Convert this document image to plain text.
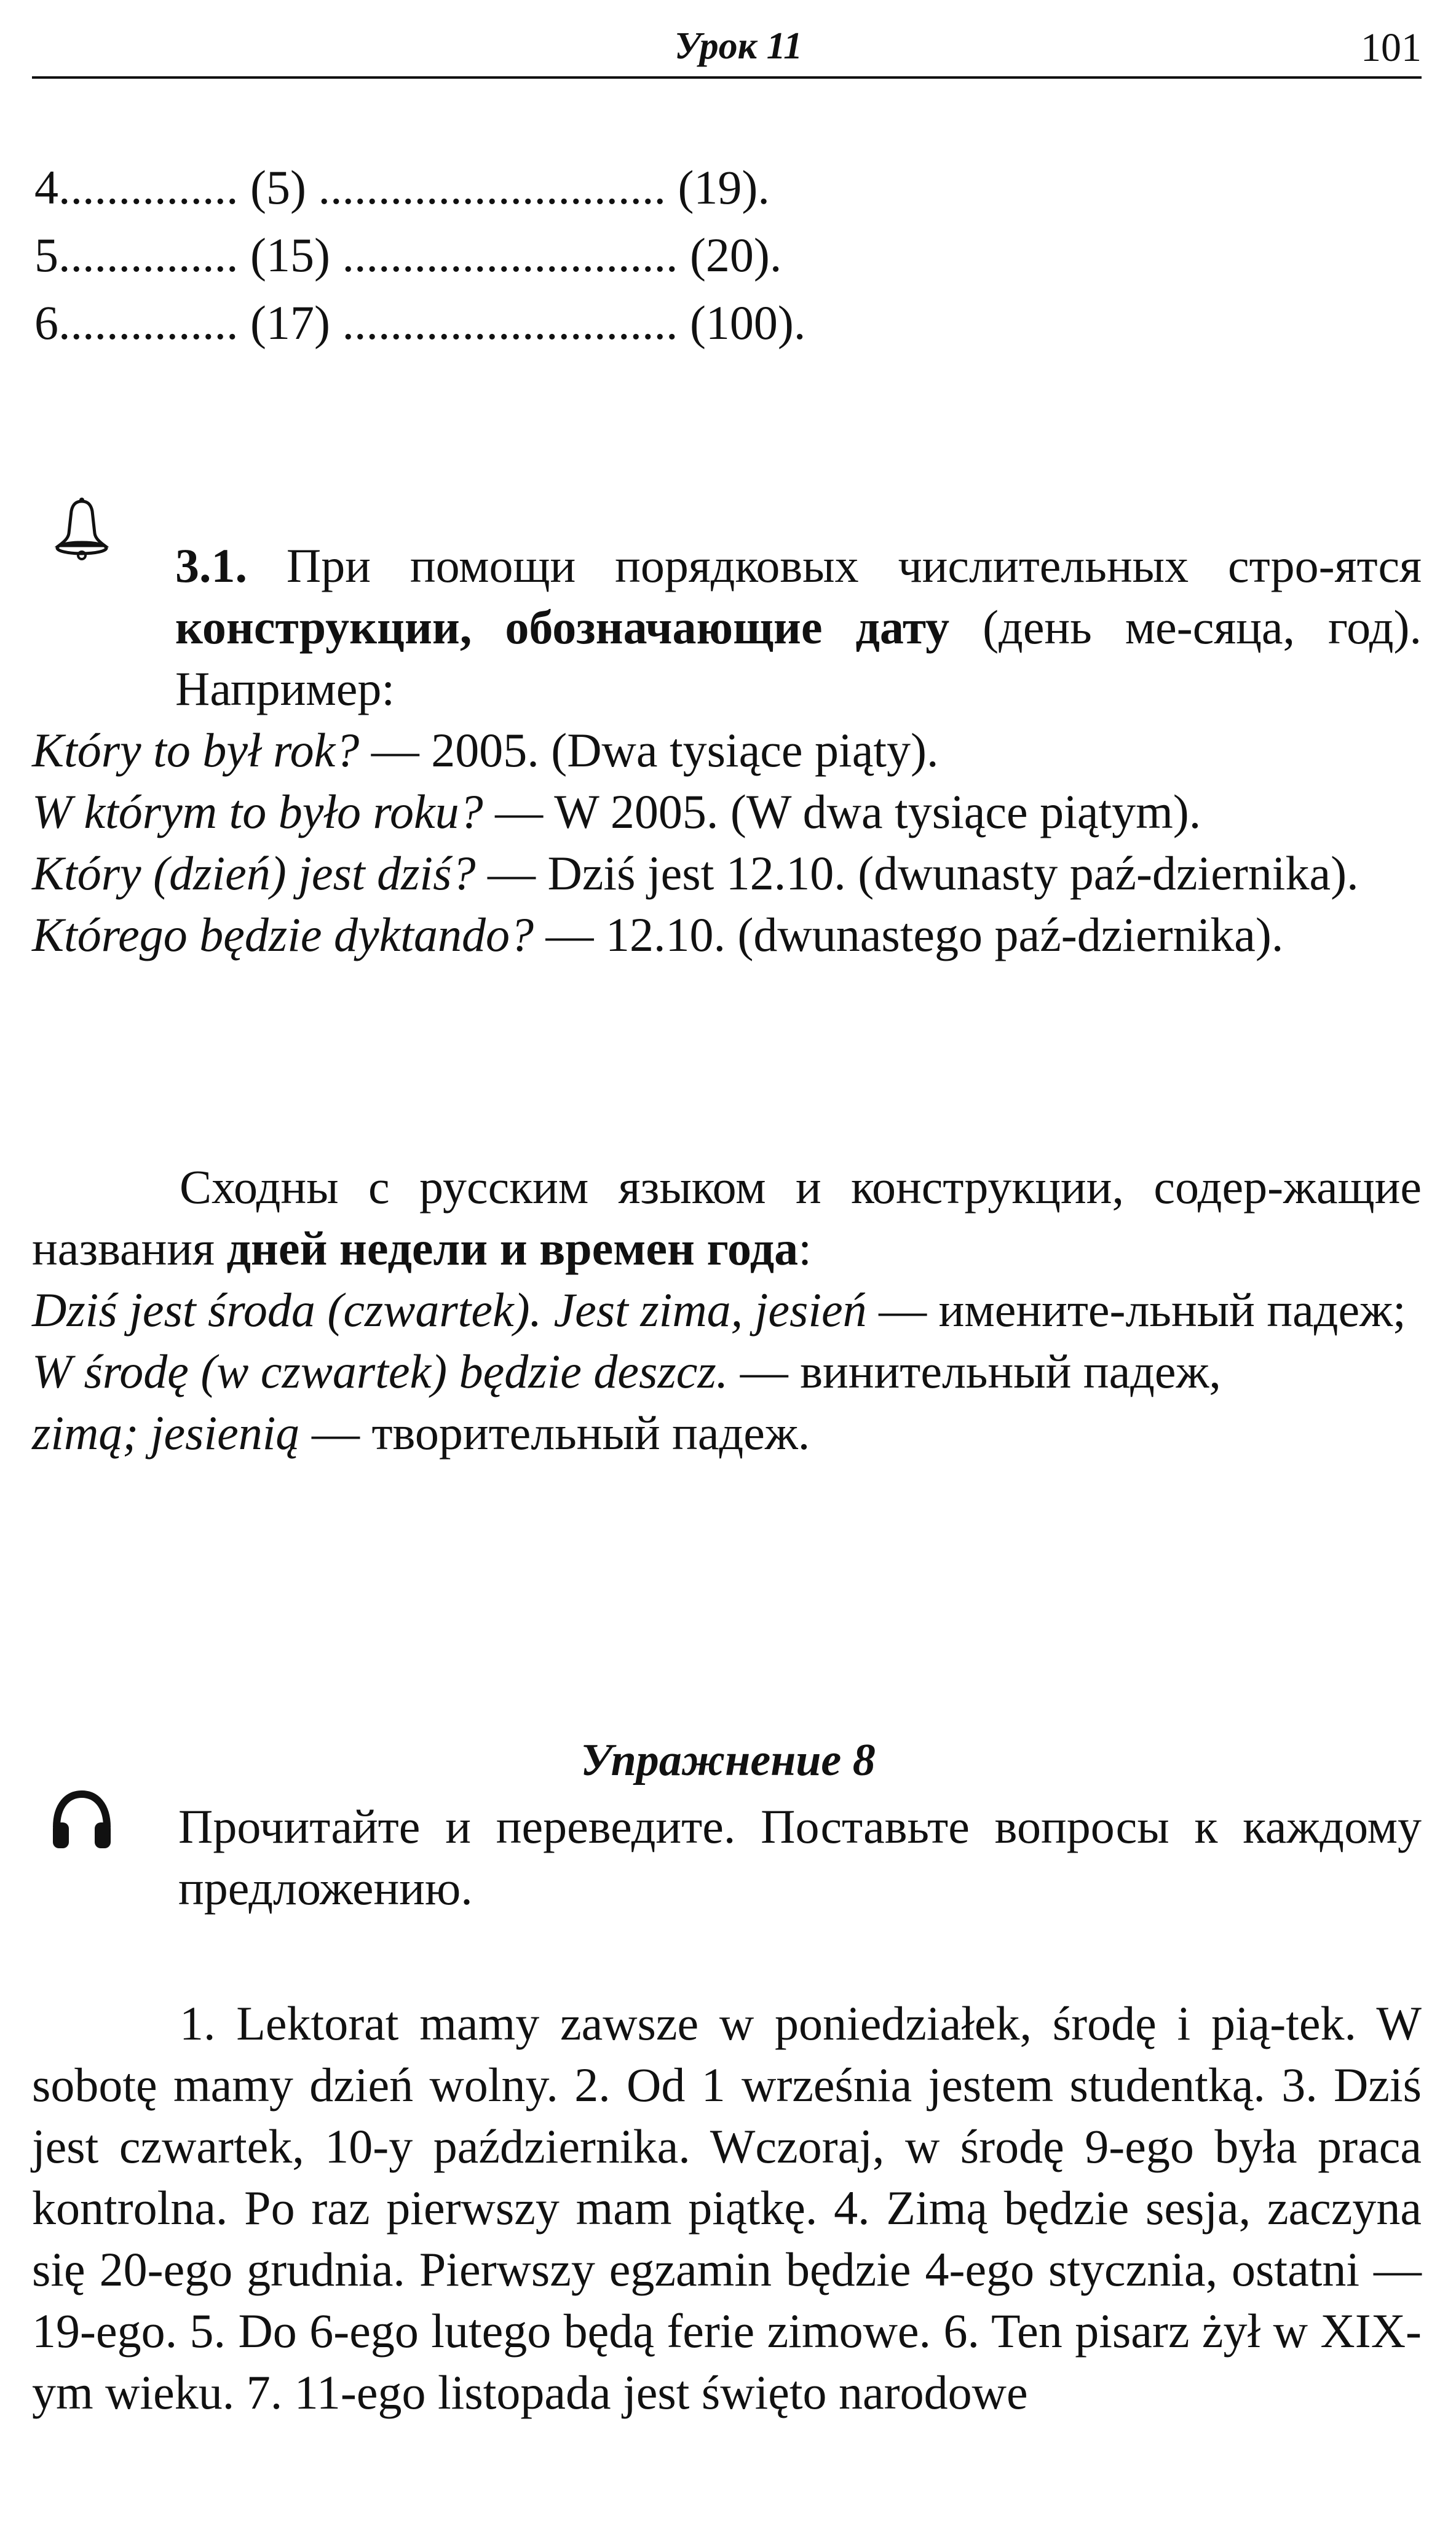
Урок 11	101
4............... (5) ............................. (19).
5............... (15) ............................ (20).
6............... (17) ............................ (100).
3.1. При помощи порядковых числительных стро-ятся конструкции, обозначающие дату (день ме-сяца, год). Например:
Który to był rok? — 2005. (Dwa tysiące piąty).
W którym to było roku? — W 2005. (W dwa tysiące piątym).
Który (dzień) jest dziś? — Dziś jest 12.10. (dwunasty paź-dziernika).
Którego będzie dyktando? — 12.10. (dwunastego paź-dziernika).
Сходны с русским языком и конструкции, содер-жащие названия дней недели и времен года:
Dziś jest środa (czwartek). Jest zima, jesień — имените-льный падеж;
W środę (w czwartek) będzie deszcz. — винительный падеж,
zimą; jesienią — творительный падеж.
Упражнение 8
Прочитайте и переведите. Поставьте вопросы к каждому предложению.
1. Lektorat mamy zawsze w poniedziałek, środę i pią-tek. W sobotę mamy dzień wolny. 2. Od 1 września jestem studentką. 3. Dziś jest czwartek, 10-y października. Wczoraj, w środę 9-ego była praca kontrolna. Po raz pierwszy mam piątkę. 4. Zimą będzie sesja, zaczyna się 20-ego grudnia. Pierwszy egzamin będzie 4-ego stycznia, ostatni — 19-ego. 5. Do 6-ego lutego będą ferie zimowe. 6. Ten pisarz żył w XIX-ym wieku. 7. 11-ego listopada jest święto narodowe
